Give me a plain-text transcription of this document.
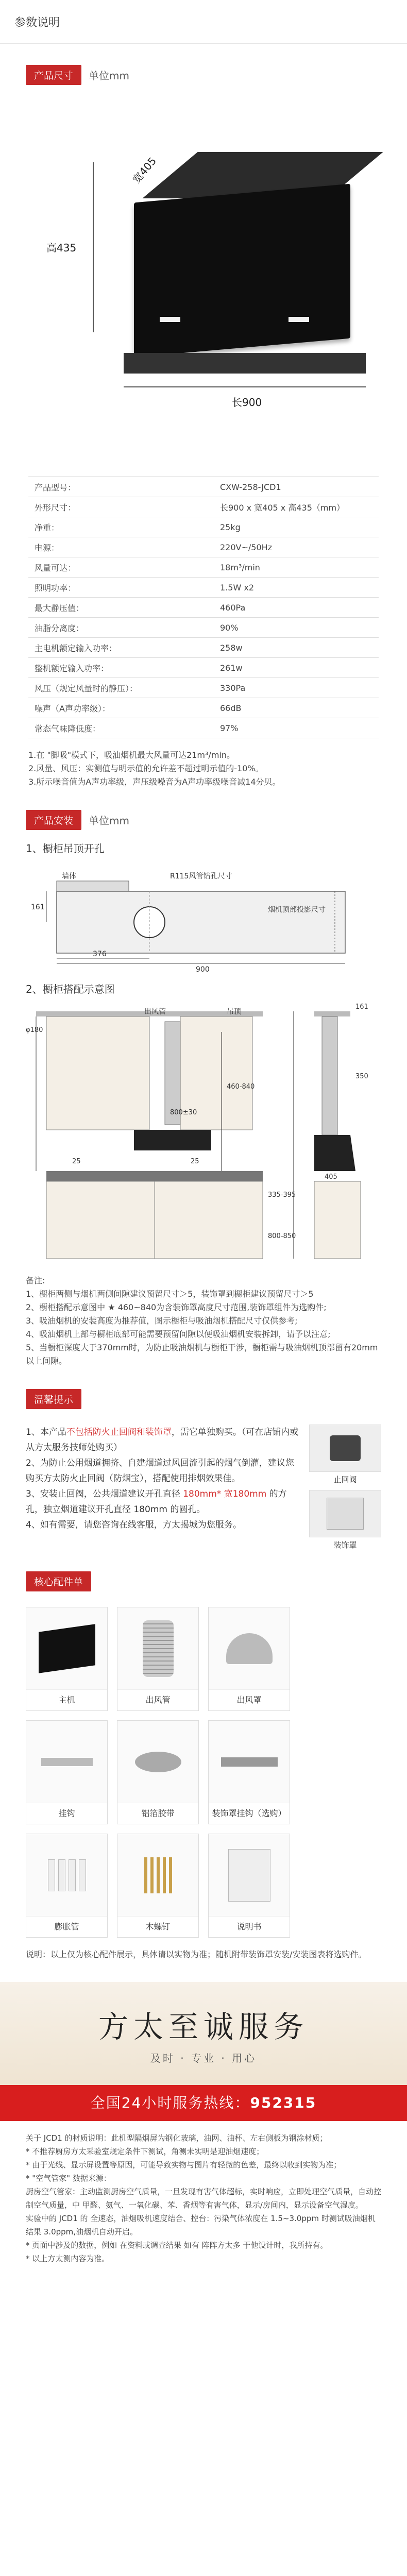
参数说明
产品尺寸	单位mm
高435
宽405
长900
产品型号：	CXW-258-JCD1
外形尺寸：	长900 x 宽405 x 高435（mm）
净重：	25kg
电源：	220V~/50Hz
风量可达：	18m³/min
照明功率：	1.5W x2
最大静压值：	460Pa
油脂分离度：	90%
主电机额定输入功率：	258w
整机额定输入功率：	261w
风压（规定风量时的静压）：	330Pa
噪声（A声功率级）：	66dB
常态气味降低度：	97%
1.在 "脚吸"模式下，吸油烟机最大风量可达21m³/min。
2.风量、风压：实测值与明示值的允许差不超过明示值的-10%。
3.所示噪音值为A声功率级，声压级噪音为A声功率级噪音减14分贝。
产品安装	单位mm
1、橱柜吊顶开孔
墙体	R115风管钻孔尺寸
烟机顶部投影尺寸
161
376
900
2、橱柜搭配示意图
出风管	吊顶
φ180
25	25
800±30
460-840
335-395
800-850
161
350
405
备注:
1、橱柜两侧与烟机两侧间隙建议预留尺寸＞5，装饰罩到橱柜建议预留尺寸＞5
2、橱柜搭配示意图中 ★ 460~840为含装饰罩高度尺寸范围,装饰罩组件为选购件;
3、吸油烟机的安装高度为推荐值，图示橱柜与吸油烟机搭配尺寸仅供参考;
4、吸油烟机上部与橱柜底部可能需要预留间隙以便吸油烟机安装拆卸，请予以注意;
5、当橱柜深度大于370mm时，为防止吸油烟机与橱柜干涉，橱柜需与吸油烟机顶部留有20mm以上间隙。
温馨提示
1、本产品不包括防火止回阀和装饰罩，需它单独购买。（可在店铺内或从方太服务技师处购买）
2、为防止公用烟道拥挤、自建烟道过风回流引起的烟气倒灌，建议您购买方太防火止回阀（防烟宝），搭配使用排烟效果佳。
3、安装止回阀，公共烟道建议开孔直径 180mm* 宽180mm 的方孔，独立烟道建议开孔直径 180mm 的圆孔。
4、如有需要，请您咨询在线客服，方太揭城为您服务。
止回阀
装饰罩
核心配件单
主机	出风管	出风罩
挂钩	铝箔胶带	装饰罩挂钩（选购）
膨胀管	木螺钉	说明书
说明：以上仅为核心配件展示，具体请以实物为准；随机附带装饰罩安装/安装图表将选购件。
方太至诚服务
及时 · 专业 · 用心
全国24小时服务热线：952315

关于 JCD1 的材质说明：此机型隔烟屏为钢化玻璃，油网、油杯、左右侧板为钢涂材质；

* 不推荐厨房方太采验室规定条件下测试，角测未实明是迎油烟速度；

* 由于光线、显示屏设置等原因，可能导致实物与图片有轻微的色差，最终以收到实物为准；

* "空气管家" 数据来源：

厨房空气管家：主动监测厨房空气质量，一旦发现有害气体超标，实时响应，立即处理空气质量，自动控制空气质量，中 甲醛、氨气、一氧化碳、苯、香烟等有害气体，显示/房间内，显示设备空气湿度。

实验中的 JCD1 的 全速态，油烟吸机速度结合、控台：污染气体浓度在 1.5~3.0ppm 时测试吸油烟机结果 3.0ppm,油烟机自动开启。

* 页面中涉及的数据，例如 在资料或调查结果 如有 阵阵方太多 于他设计时，我所持有。

* 以上方太测内容为准。
